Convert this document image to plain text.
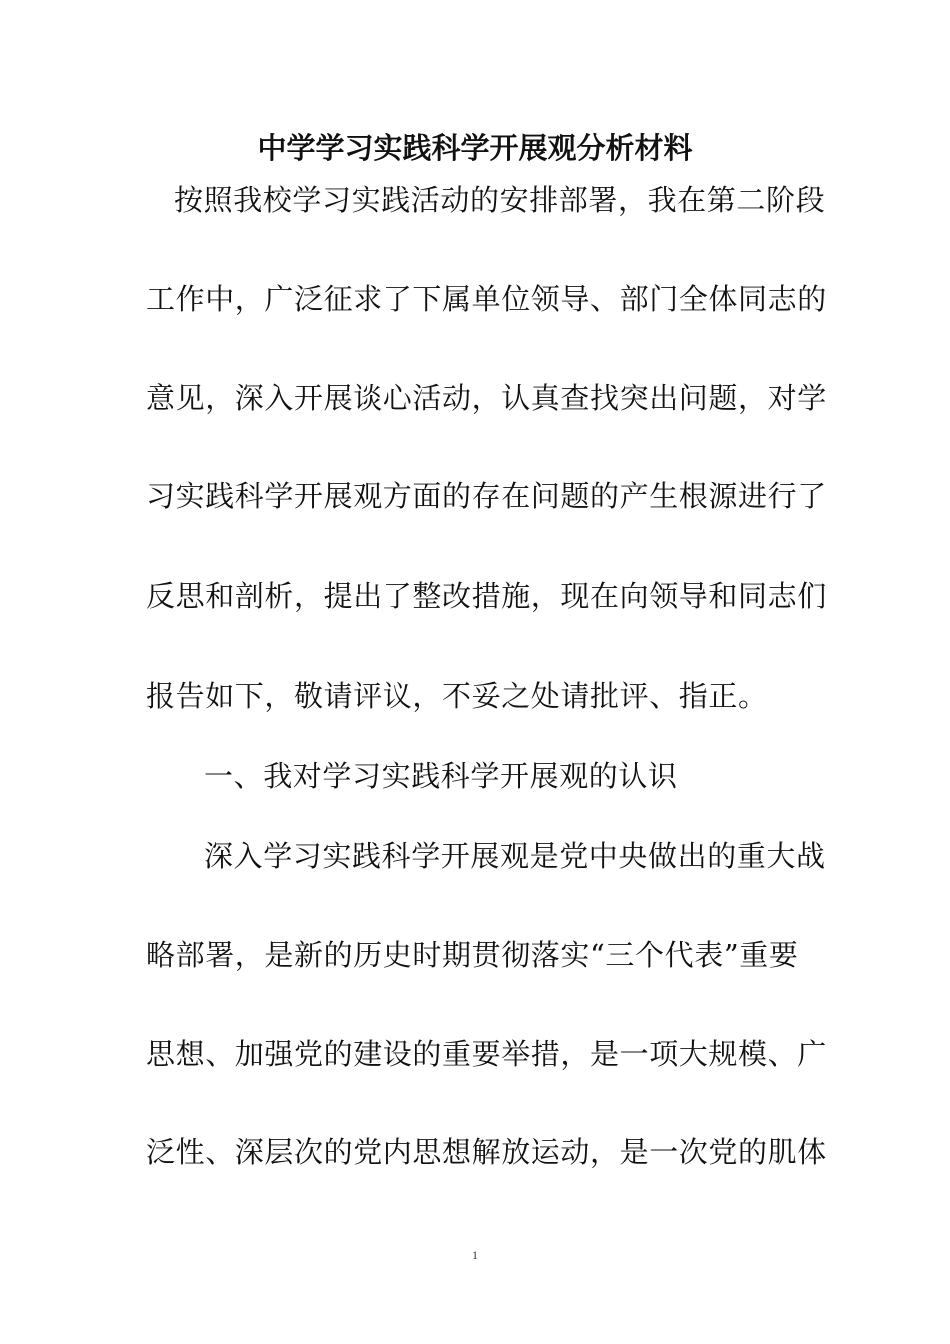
中学学习实践科学开展观分析材料
按照我校学习实践活动的安排部署，我在第二阶段
工作中，广泛征求了下属单位领导、部门全体同志的
意见，深入开展谈心活动，认真查找突出问题，对学
习实践科学开展观方面的存在问题的产生根源进行了
反思和剖析，提出了整改措施，现在向领导和同志们
报告如下，敬请评议，不妥之处请批评、指正。
一、我对学习实践科学开展观的认识
深入学习实践科学开展观是党中央做出的重大战
略部署，是新的历史时期贯彻落实“三个代表”重要
思想、加强党的建设的重要举措，是一项大规模、广
泛性、深层次的党内思想解放运动，是一次党的肌体
1
